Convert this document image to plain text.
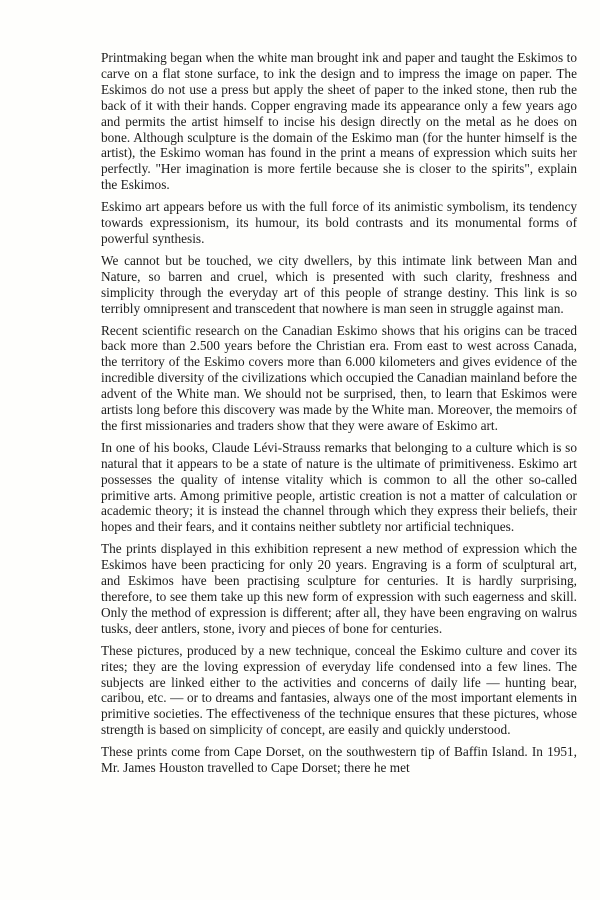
Printmaking began when the white man brought ink and paper and taught the Eskimos to carve on a flat stone surface, to ink the design and to impress the image on paper. The Eskimos do not use a press but apply the sheet of paper to the inked stone, then rub the back of it with their hands. Copper engraving made its appearance only a few years ago and permits the artist himself to incise his design directly on the metal as he does on bone. Although sculpture is the domain of the Eskimo man (for the hunter himself is the artist), the Eskimo woman has found in the print a means of expression which suits her perfectly. "Her imagination is more fertile because she is closer to the spirits", explain the Eskimos.

Eskimo art appears before us with the full force of its animistic symbolism, its tendency towards expressionism, its humour, its bold contrasts and its monumental forms of powerful synthesis.

We cannot but be touched, we city dwellers, by this intimate link between Man and Nature, so barren and cruel, which is presented with such clarity, freshness and simplicity through the everyday art of this people of strange destiny. This link is so terribly omnipresent and transcedent that nowhere is man seen in struggle against man.

Recent scientific research on the Canadian Eskimo shows that his origins can be traced back more than 2.500 years before the Christian era. From east to west across Canada, the territory of the Eskimo covers more than 6.000 kilometers and gives evidence of the incredible diversity of the civilizations which occupied the Canadian mainland before the advent of the White man. We should not be surprised, then, to learn that Eskimos were artists long before this discovery was made by the White man. Moreover, the memoirs of the first missionaries and traders show that they were aware of Eskimo art.

In one of his books, Claude Lévi-Strauss remarks that belonging to a culture which is so natural that it appears to be a state of nature is the ultimate of primitiveness. Eskimo art possesses the quality of intense vitality which is common to all the other so-called primitive arts. Among primitive people, artistic creation is not a matter of calculation or academic theory; it is instead the channel through which they express their beliefs, their hopes and their fears, and it contains neither subtlety nor artificial techniques.

The prints displayed in this exhibition represent a new method of expression which the Eskimos have been practicing for only 20 years. Engraving is a form of sculptural art, and Eskimos have been practising sculpture for centuries. It is hardly surprising, therefore, to see them take up this new form of expression with such eagerness and skill. Only the method of expression is different; after all, they have been engraving on walrus tusks, deer antlers, stone, ivory and pieces of bone for centuries.

These pictures, produced by a new technique, conceal the Eskimo culture and cover its rites; they are the loving expression of everyday life condensed into a few lines. The subjects are linked either to the activities and concerns of daily life — hunting bear, caribou, etc. — or to dreams and fantasies, always one of the most important elements in primitive societies. The effectiveness of the technique ensures that these pictures, whose strength is based on simplicity of concept, are easily and quickly understood.

These prints come from Cape Dorset, on the southwestern tip of Baffin Island. In 1951, Mr. James Houston travelled to Cape Dorset; there he met
